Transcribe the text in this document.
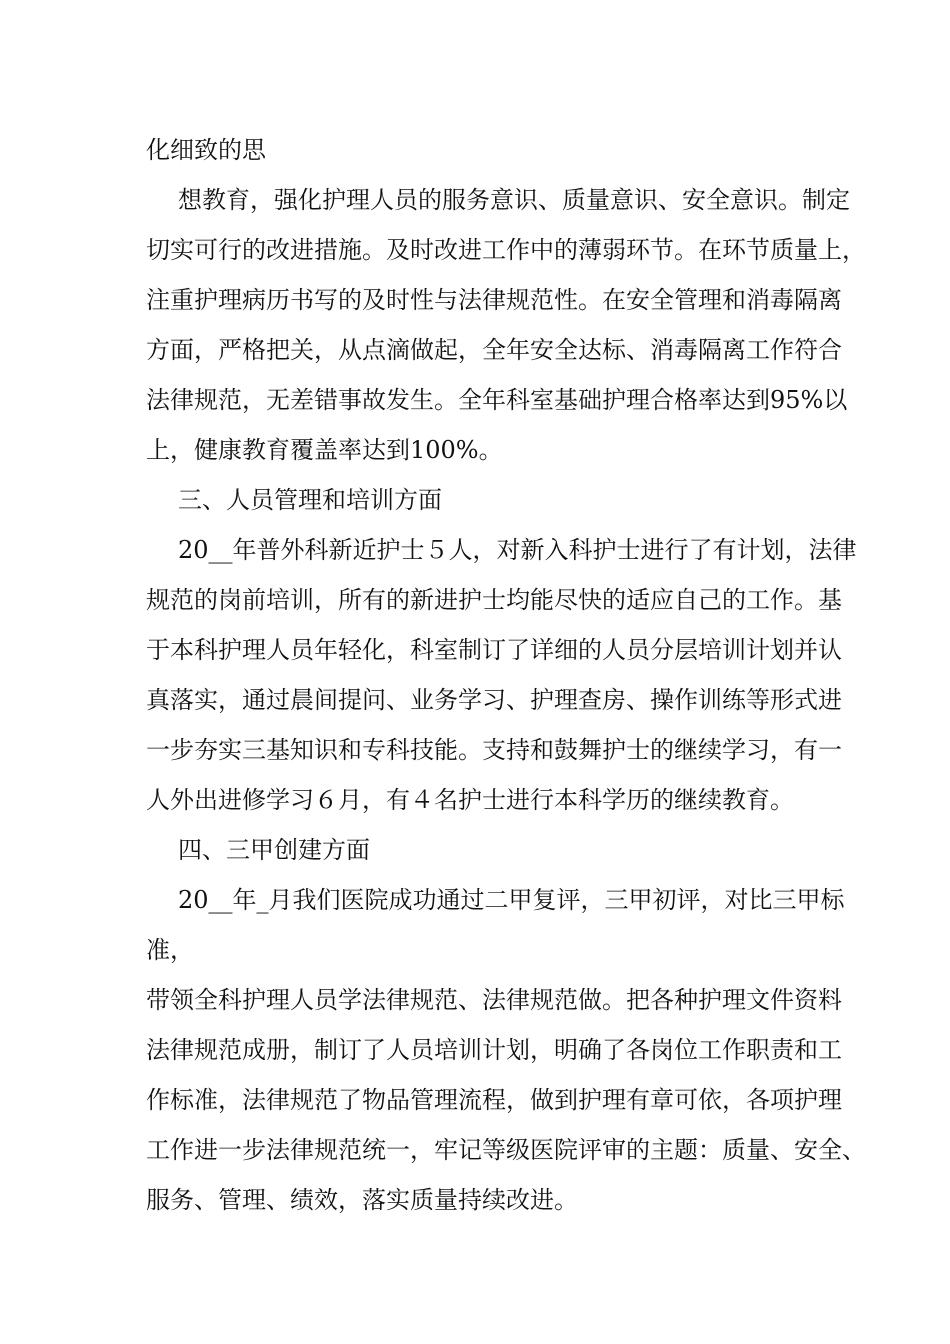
化细致的思

想教育，强化护理人员的服务意识、质量意识、安全意识。制定

切实可行的改进措施。及时改进工作中的薄弱环节。在环节质量上，

注重护理病历书写的及时性与法律规范性。在安全管理和消毒隔离

方面，严格把关，从点滴做起，全年安全达标、消毒隔离工作符合

法律规范，无差错事故发生。全年科室基础护理合格率达到95%以

上，健康教育覆盖率达到100%。

三、人员管理和培训方面

20__年普外科新近护士５人，对新入科护士进行了有计划，法律

规范的岗前培训，所有的新进护士均能尽快的适应自己的工作。基

于本科护理人员年轻化，科室制订了详细的人员分层培训计划并认

真落实，通过晨间提问、业务学习、护理查房、操作训练等形式进

一步夯实三基知识和专科技能。支持和鼓舞护士的继续学习，有一

人外出进修学习６月，有４名护士进行本科学历的继续教育。

四、三甲创建方面

20__年_月我们医院成功通过二甲复评，三甲初评，对比三甲标

准，

带领全科护理人员学法律规范、法律规范做。把各种护理文件资料

法律规范成册，制订了人员培训计划，明确了各岗位工作职责和工

作标准，法律规范了物品管理流程，做到护理有章可依，各项护理

工作进一步法律规范统一，牢记等级医院评审的主题：质量、安全、

服务、管理、绩效，落实质量持续改进。
